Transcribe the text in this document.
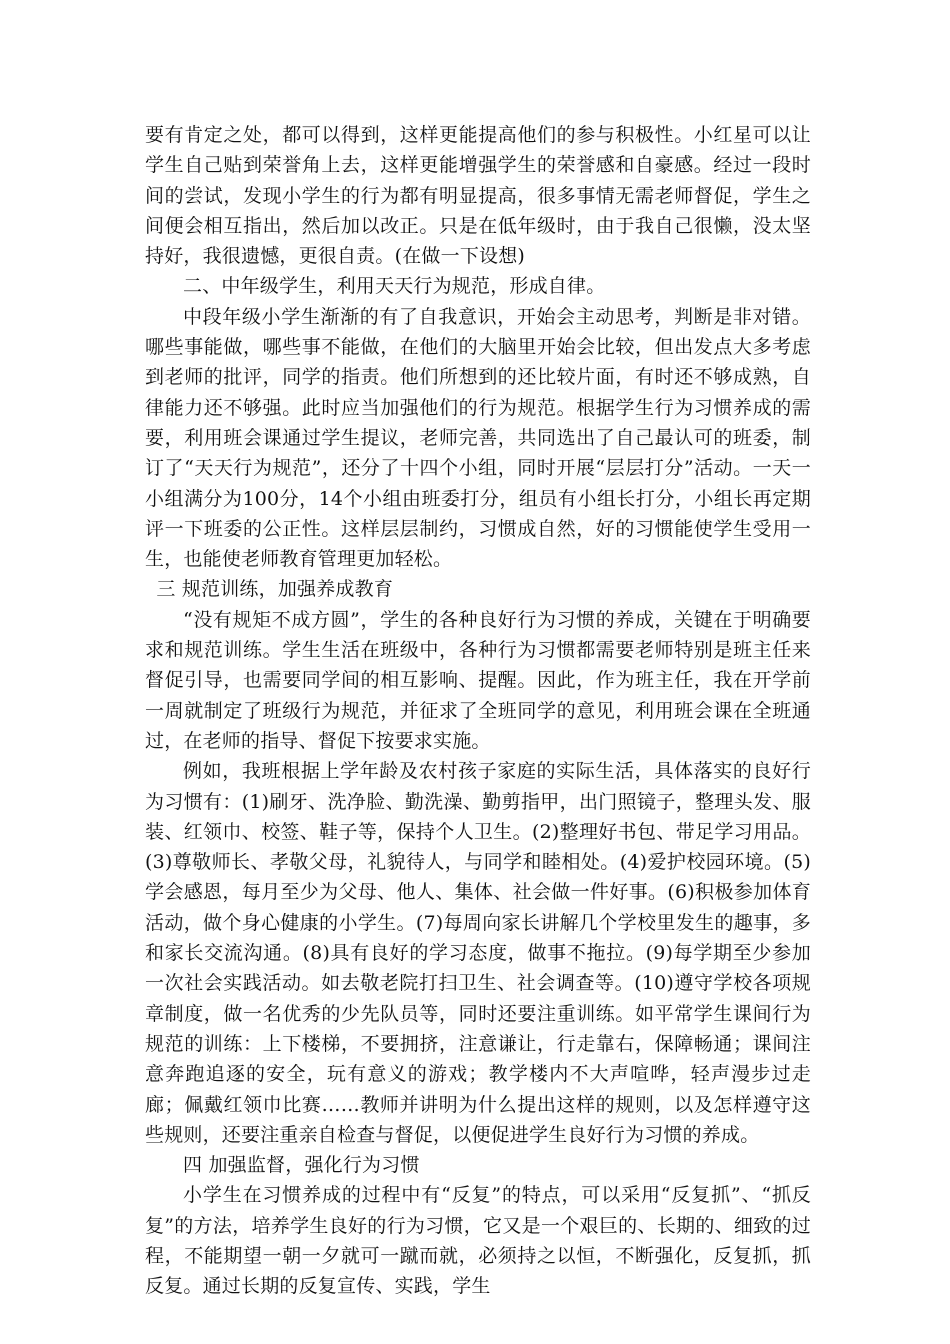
要有肯定之处，都可以得到，这样更能提高他们的参与积极性。小红星可以让学生自己贴到荣誉角上去，这样更能增强学生的荣誉感和自豪感。经过一段时间的尝试，发现小学生的行为都有明显提高，很多事情无需老师督促，学生之间便会相互指出，然后加以改正。只是在低年级时，由于我自己很懒，没太坚持好，我很遗憾，更很自责。(在做一下设想)

二、中年级学生，利用天天行为规范，形成自律。

中段年级小学生渐渐的有了自我意识，开始会主动思考，判断是非对错。哪些事能做，哪些事不能做，在他们的大脑里开始会比较，但出发点大多考虑到老师的批评，同学的指责。他们所想到的还比较片面，有时还不够成熟，自律能力还不够强。此时应当加强他们的行为规范。根据学生行为习惯养成的需要，利用班会课通过学生提议，老师完善，共同选出了自己最认可的班委，制订了“天天行为规范”，还分了十四个小组，同时开展“层层打分”活动。一天一小组满分为100分，14个小组由班委打分，组员有小组长打分，小组长再定期评一下班委的公正性。这样层层制约，习惯成自然，好的习惯能使学生受用一生，也能使老师教育管理更加轻松。

三 规范训练，加强养成教育

“没有规矩不成方圆”，学生的各种良好行为习惯的养成，关键在于明确要求和规范训练。学生生活在班级中，各种行为习惯都需要老师特别是班主任来督促引导，也需要同学间的相互影响、提醒。因此，作为班主任，我在开学前一周就制定了班级行为规范，并征求了全班同学的意见，利用班会课在全班通过，在老师的指导、督促下按要求实施。

例如，我班根据上学年龄及农村孩子家庭的实际生活，具体落实的良好行为习惯有：(1)刷牙、洗净脸、勤洗澡、勤剪指甲，出门照镜子，整理头发、服装、红领巾、校签、鞋子等，保持个人卫生。(2)整理好书包、带足学习用品。(3)尊敬师长、孝敬父母，礼貌待人，与同学和睦相处。(4)爱护校园环境。(5)学会感恩，每月至少为父母、他人、集体、社会做一件好事。(6)积极参加体育活动，做个身心健康的小学生。(7)每周向家长讲解几个学校里发生的趣事，多和家长交流沟通。(8)具有良好的学习态度，做事不拖拉。(9)每学期至少参加一次社会实践活动。如去敬老院打扫卫生、社会调查等。(10)遵守学校各项规章制度，做一名优秀的少先队员等，同时还要注重训练。如平常学生课间行为规范的训练：上下楼梯，不要拥挤，注意谦让，行走靠右，保障畅通；课间注意奔跑追逐的安全，玩有意义的游戏；教学楼内不大声喧哗，轻声漫步过走廊；佩戴红领巾比赛……教师并讲明为什么提出这样的规则，以及怎样遵守这些规则，还要注重亲自检查与督促，以便促进学生良好行为习惯的养成。

四 加强监督，强化行为习惯

小学生在习惯养成的过程中有“反复”的特点，可以采用“反复抓”、“抓反复”的方法，培养学生良好的行为习惯，它又是一个艰巨的、长期的、细致的过程，不能期望一朝一夕就可一蹴而就，必须持之以恒，不断强化，反复抓，抓反复。通过长期的反复宣传、实践，学生
